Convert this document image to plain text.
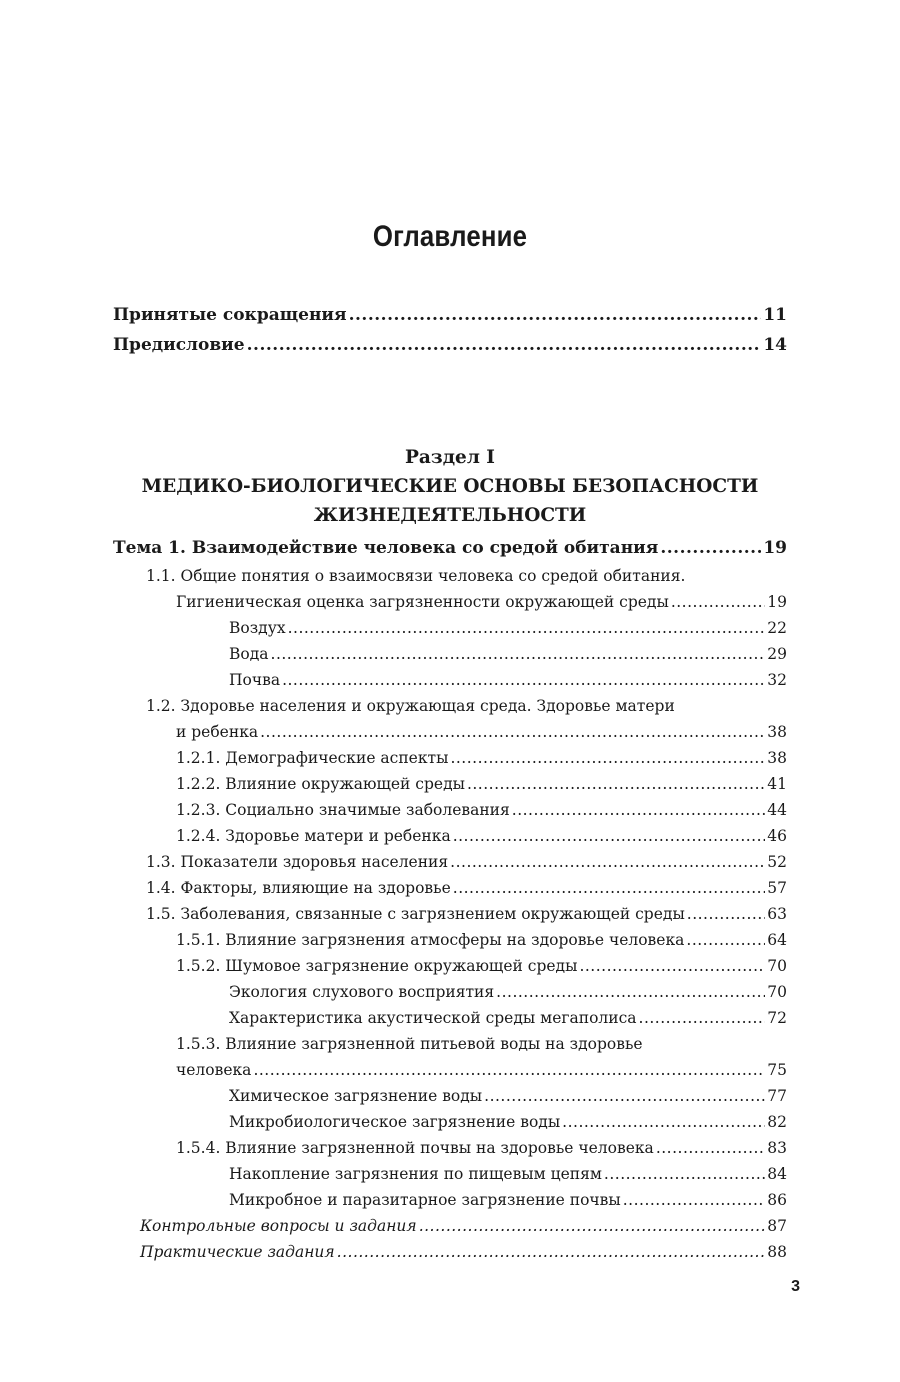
Оглавление
Принятые сокращения .....	11
Предисловие .....	14
Раздел I
МЕДИКО-БИОЛОГИЧЕСКИЕ ОСНОВЫ БЕЗОПАСНОСТИ
ЖИЗНЕДЕЯТЕЛЬНОСТИ
Тема 1. Взаимодействие человека со средой обитания .....	19
1.1. Общие понятия о взаимосвязи человека со средой обитания.
Гигиеническая оценка загрязненности окружающей среды .....	19
Воздух .....	22
Вода .....	29
Почва .....	32
1.2. Здоровье населения и окружающая среда. Здоровье матери
и ребенка .....	38
1.2.1. Демографические аспекты .....	38
1.2.2. Влияние окружающей среды .....	41
1.2.3. Социально значимые заболевания .....	44
1.2.4. Здоровье матери и ребенка .....	46
1.3. Показатели здоровья населения .....	52
1.4. Факторы, влияющие на здоровье .....	57
1.5. Заболевания, связанные с загрязнением окружающей среды .....	63
1.5.1. Влияние загрязнения атмосферы на здоровье человека .....	64
1.5.2. Шумовое загрязнение окружающей среды .....	70
Экология слухового восприятия .....	70
Характеристика акустической среды мегаполиса .....	72
1.5.3. Влияние загрязненной питьевой воды на здоровье
человека .....	75
Химическое загрязнение воды .....	77
Микробиологическое загрязнение воды .....	82
1.5.4. Влияние загрязненной почвы на здоровье человека .....	83
Накопление загрязнения по пищевым цепям .....	84
Микробное и паразитарное загрязнение почвы .....	86
Контрольные вопросы и задания .....	87
Практические задания .....	88
3
